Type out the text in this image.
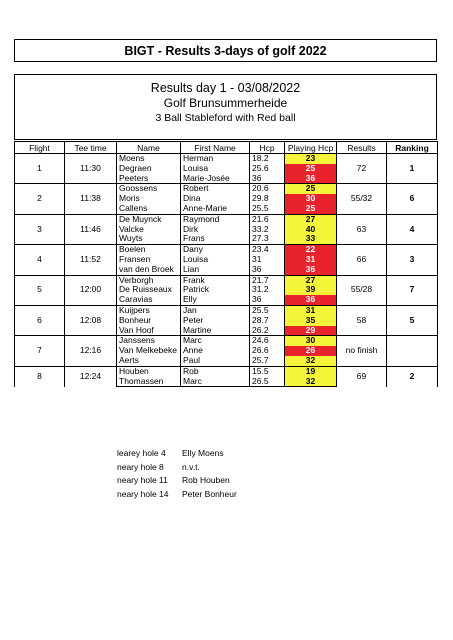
BIGT - Results 3-days of golf 2022
Results day 1 - 03/08/2022
Golf Brunsummerheide
3 Ball Stableford with Red ball
Flight	Tee time	Name	First Name	Hcp	Playing Hcp	Results	Ranking
1	11:30	Moens	Herman	18.2	23	72	1
		Degraen	Louisa	25.6	25		
		Peeters	Marie-Josée	36	36		
2	11:38	Goossens	Robert	20.6	25	55/32	6
		Moris	Dina	29.8	30		
		Callens	Anne-Marie	25.5	25		
3	11:46	De Muynck	Raymond	21.6	27	63	4
		Valcke	Dirk	33.2	40		
		Wuyts	Frans	27.3	33		
4	11:52	Boelen	Dany	23.4	22	66	3
		Fransen	Louisa	31	31		
		van den Broek	Lian	36	36		
5	12:00	Verborgh	Frank	21.7	27	55/28	7
		De Ruisseaux	Patrick	31.2	39		
		Caravias	Elly	36	36		
6	12:08	Kuijpers	Jan	25.5	31	58	5
		Bonheur	Peter	28.7	35		
		Van Hoof	Martine	26.2	29		
7	12:16	Janssens	Marc	24.6	30	no finish	
		Van Melkebeke	Anne	26.6	26		
		Aerts	Paul	25.7	32		
8	12:24	Houben	Rob	15.5	19	69	2
		Thomassen	Marc	26.5	32		
learey hole 4	Elly Moens
neary hole 8	n.v.t.
neary hole 11	Rob Houben
neary hole 14	Peter Bonheur
